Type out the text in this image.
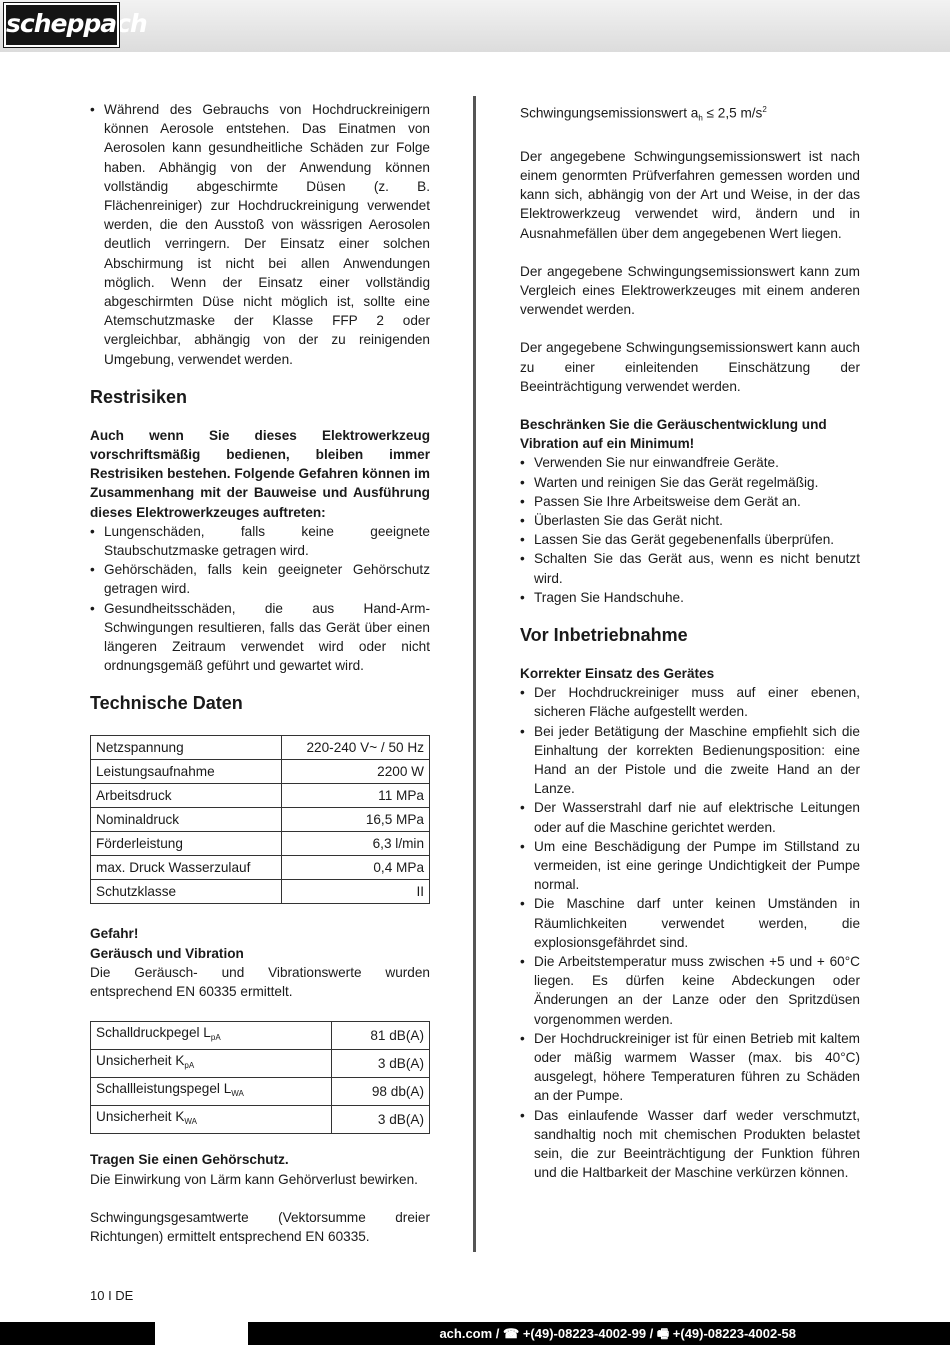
scheppach
• Während des Gebrauchs von Hochdruckreinigern können Aerosole entstehen. Das Einatmen von Aerosolen kann gesundheitliche Schäden zur Folge haben. Abhängig von der Anwendung können vollständig abgeschirmte Düsen (z. B. Flächenreiniger) zur Hochdruckreinigung verwendet werden, die den Ausstoß von wässrigen Aerosolen deutlich verringern. Der Einsatz einer solchen Abschirmung ist nicht bei allen Anwendungen möglich. Wenn der Einsatz einer vollständig abgeschirmten Düse nicht möglich ist, sollte eine Atemschutzmaske der Klasse FFP 2 oder vergleichbar, abhängig von der zu reinigenden Umgebung, verwendet werden.
Restrisiken

Auch wenn Sie dieses Elektrowerkzeug vorschriftsmäßig bedienen, bleiben immer Restrisiken bestehen. Folgende Gefahren können im Zusammenhang mit der Bauweise und Ausführung dieses Elektrowerkzeuges auftreten:

• Lungenschäden, falls keine geeignete Staubschutzmaske getragen wird.
• Gehörschäden, falls kein geeigneter Gehörschutz getragen wird.
• Gesundheitsschäden, die aus Hand-Arm- Schwingungen resultieren, falls das Gerät über einen längeren Zeitraum verwendet wird oder nicht ordnungsgemäß geführt und gewartet wird.
Technische Daten
Netzspannung	220-240 V~ / 50 Hz
Leistungsaufnahme	2200 W
Arbeitsdruck	11 MPa
Nominaldruck	16,5 MPa
Förderleistung	6,3 l/min
max. Druck Wasserzulauf	0,4 MPa
Schutzklasse	II

Gefahr!

Geräusch und Vibration

Die Geräusch- und Vibrationswerte wurden entsprechend EN 60335 ermittelt.

Schalldruckpegel $L_{pA}$	81 dB(A)
Unsicherheit $K_{pA}$	3 dB(A)
Schallleistungspegel $L_{WA}$	98 db(A)
Unsicherheit $K_{WA}$	3 dB(A)

Tragen Sie einen Gehörschutz.

Die Einwirkung von Lärm kann Gehörverlust bewirken.

Schwingungsgesamtwerte (Vektorsumme dreier Richtungen) ermittelt entsprechend EN 60335.

Schwingungsemissionswert $a_h \le 2,5$ $m/s^2$

Der angegebene Schwingungsemissionswert ist nach einem genormten Prüfverfahren gemessen worden und kann sich, abhängig von der Art und Weise, in der das Elektrowerkzeug verwendet wird, ändern und in Ausnahmefällen über dem angegebenen Wert liegen.

Der angegebene Schwingungsemissionswert kann zum Vergleich eines Elektrowerkzeuges mit einem anderen verwendet werden.

Der angegebene Schwingungsemissionswert kann auch zu einer einleitenden Einschätzung der Beeinträchtigung verwendet werden.

Beschränken Sie die Geräuschentwicklung und Vibration auf ein Minimum!

• Verwenden Sie nur einwandfreie Geräte.
• Warten und reinigen Sie das Gerät regelmäßig.
• Passen Sie Ihre Arbeitsweise dem Gerät an.
• Überlasten Sie das Gerät nicht.
• Lassen Sie das Gerät gegebenenfalls überprüfen.
• Schalten Sie das Gerät aus, wenn es nicht benutzt wird.
• Tragen Sie Handschuhe.
Vor Inbetriebnahme

Korrekter Einsatz des Gerätes

• Der Hochdruckreiniger muss auf einer ebenen, sicheren Fläche aufgestellt werden.
• Bei jeder Betätigung der Maschine empfiehlt sich die Einhaltung der korrekten Bedienungsposition: eine Hand an der Pistole und die zweite Hand an der Lanze.
• Der Wasserstrahl darf nie auf elektrische Leitungen oder auf die Maschine gerichtet werden.
• Um eine Beschädigung der Pumpe im Stillstand zu vermeiden, ist eine geringe Undichtigkeit der Pumpe normal.
• Die Maschine darf unter keinen Umständen in Räumlichkeiten verwendet werden, die explosionsgefährdet sind.
• Die Arbeitstemperatur muss zwischen +5 und + 60°C liegen. Es dürfen keine Abdeckungen oder Änderungen an der Lanze oder den Spritzdüsen vorgenommen werden.
• Der Hochdruckreiniger ist für einen Betrieb mit kaltem oder mäßig warmem Wasser (max. bis 40°C) ausgelegt, höhere Temperaturen führen zu Schäden an der Pumpe.
• Das einlaufende Wasser darf weder verschmutzt, sandhaltig noch mit chemischen Produkten belastet sein, die zur Beeinträchtigung der Funktion führen und die Haltbarkeit der Maschine verkürzen können.
10 I DE
ach.com / ☎ +(49)-08223-4002-99 / 🖷 +(49)-08223-4002-58
